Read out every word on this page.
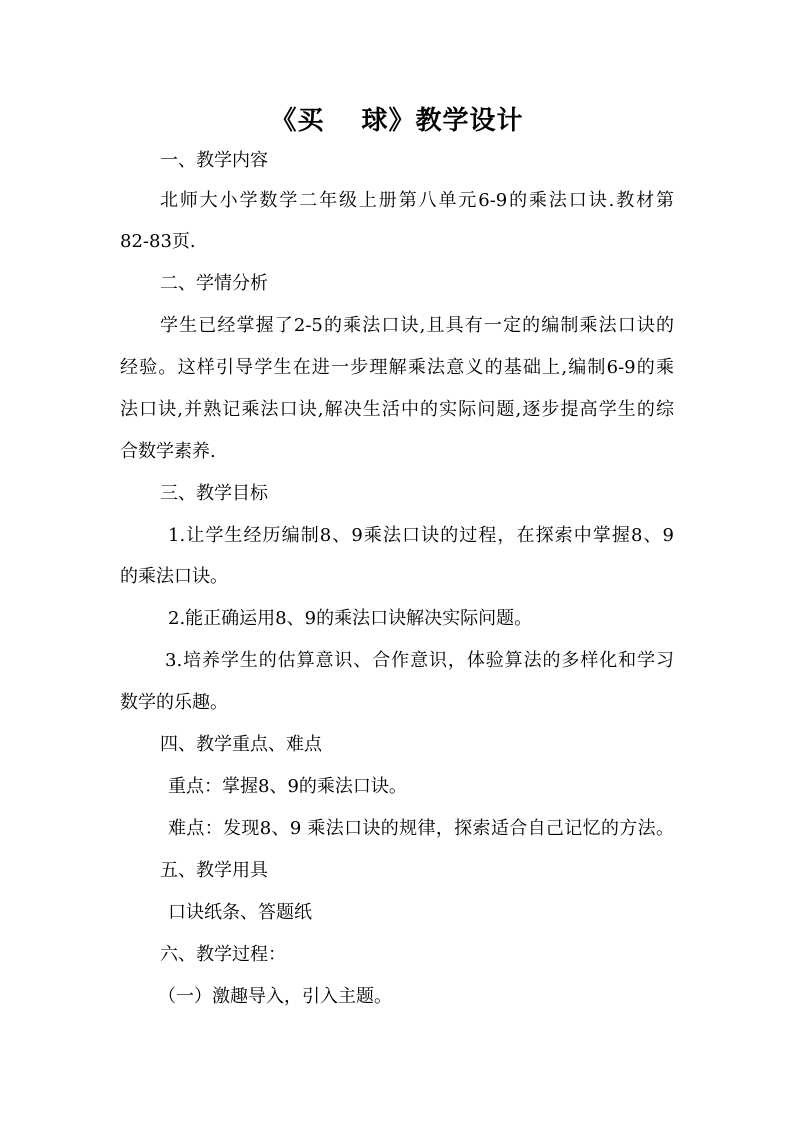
《买　 球》教学设计
一、教学内容
北师大小学数学二年级上册第八单元6-9的乘法口诀.教材第
82-83页.
二、学情分析
学生已经掌握了2-5的乘法口诀,且具有一定的编制乘法口诀的
经验。这样引导学生在进一步理解乘法意义的基础上,编制6-9的乘
法口诀,并熟记乘法口诀,解决生活中的实际问题,逐步提高学生的综
合数学素养.
三、教学目标
1.让学生经历编制8、9乘法口诀的过程，在探索中掌握8、9
的乘法口诀。
2.能正确运用8、9的乘法口诀解决实际问题。
3.培养学生的估算意识、合作意识，体验算法的多样化和学习
数学的乐趣。
四、教学重点、难点
重点：掌握8、9的乘法口诀。
难点：发现8、9 乘法口诀的规律，探索适合自己记忆的方法。
五、教学用具
口诀纸条、答题纸
六、教学过程：
（一）激趣导入，引入主题。
